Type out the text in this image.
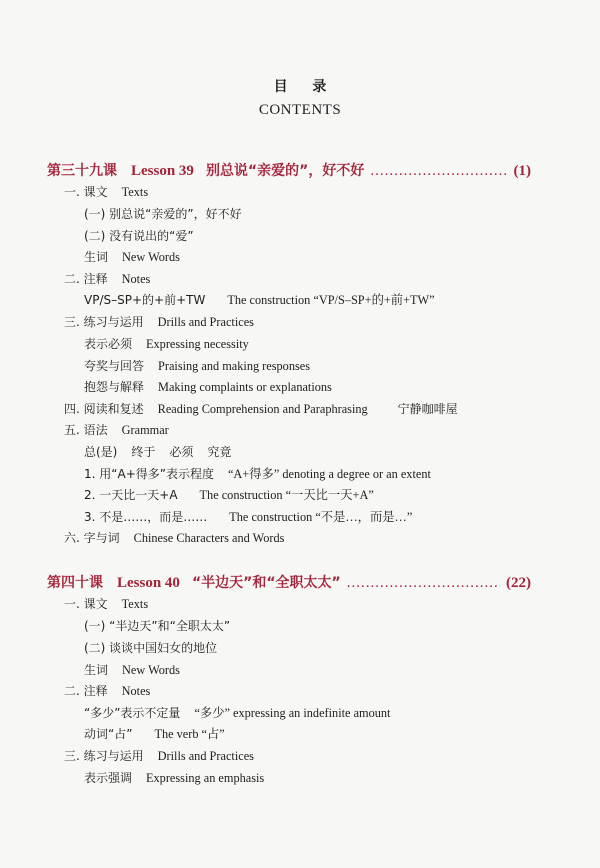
目 录
CONTENTS
第三十九课 Lesson 39 别总说“亲爱的”，好不好 .....	(1)
一. 课文 Texts
(一) 别总说“亲爱的”，好不好
(二) 没有说出的“爱”
生词 New Words
二. 注释 Notes
VP/S–SP+的+前+TW The construction “VP/S–SP+的+前+TW”
三. 练习与运用 Drills and Practices
表示必须 Expressing necessity
夸奖与回答 Praising and making responses
抱怨与解释 Making complaints or explanations
四. 阅读和复述 Reading Comprehension and Paraphrasing	宁静咖啡屋
五. 语法 Grammar
总(是) 终于 必须 究竟
1. 用“A+得多”表示程度 “A+得多” denoting a degree or an extent
2. 一天比一天+A The construction “一天比一天+A”
3. 不是……，而是…… The construction “不是…，而是…”
六. 字与词 Chinese Characters and Words
第四十课 Lesson 40 “半边天”和“全职太太” .....	(22)
一. 课文 Texts
(一) “半边天”和“全职太太”
(二) 谈谈中国妇女的地位
生词 New Words
二. 注释 Notes
“多少”表示不定量 “多少” expressing an indefinite amount
动词“占” The verb “占”
三. 练习与运用 Drills and Practices
表示强调 Expressing an emphasis
